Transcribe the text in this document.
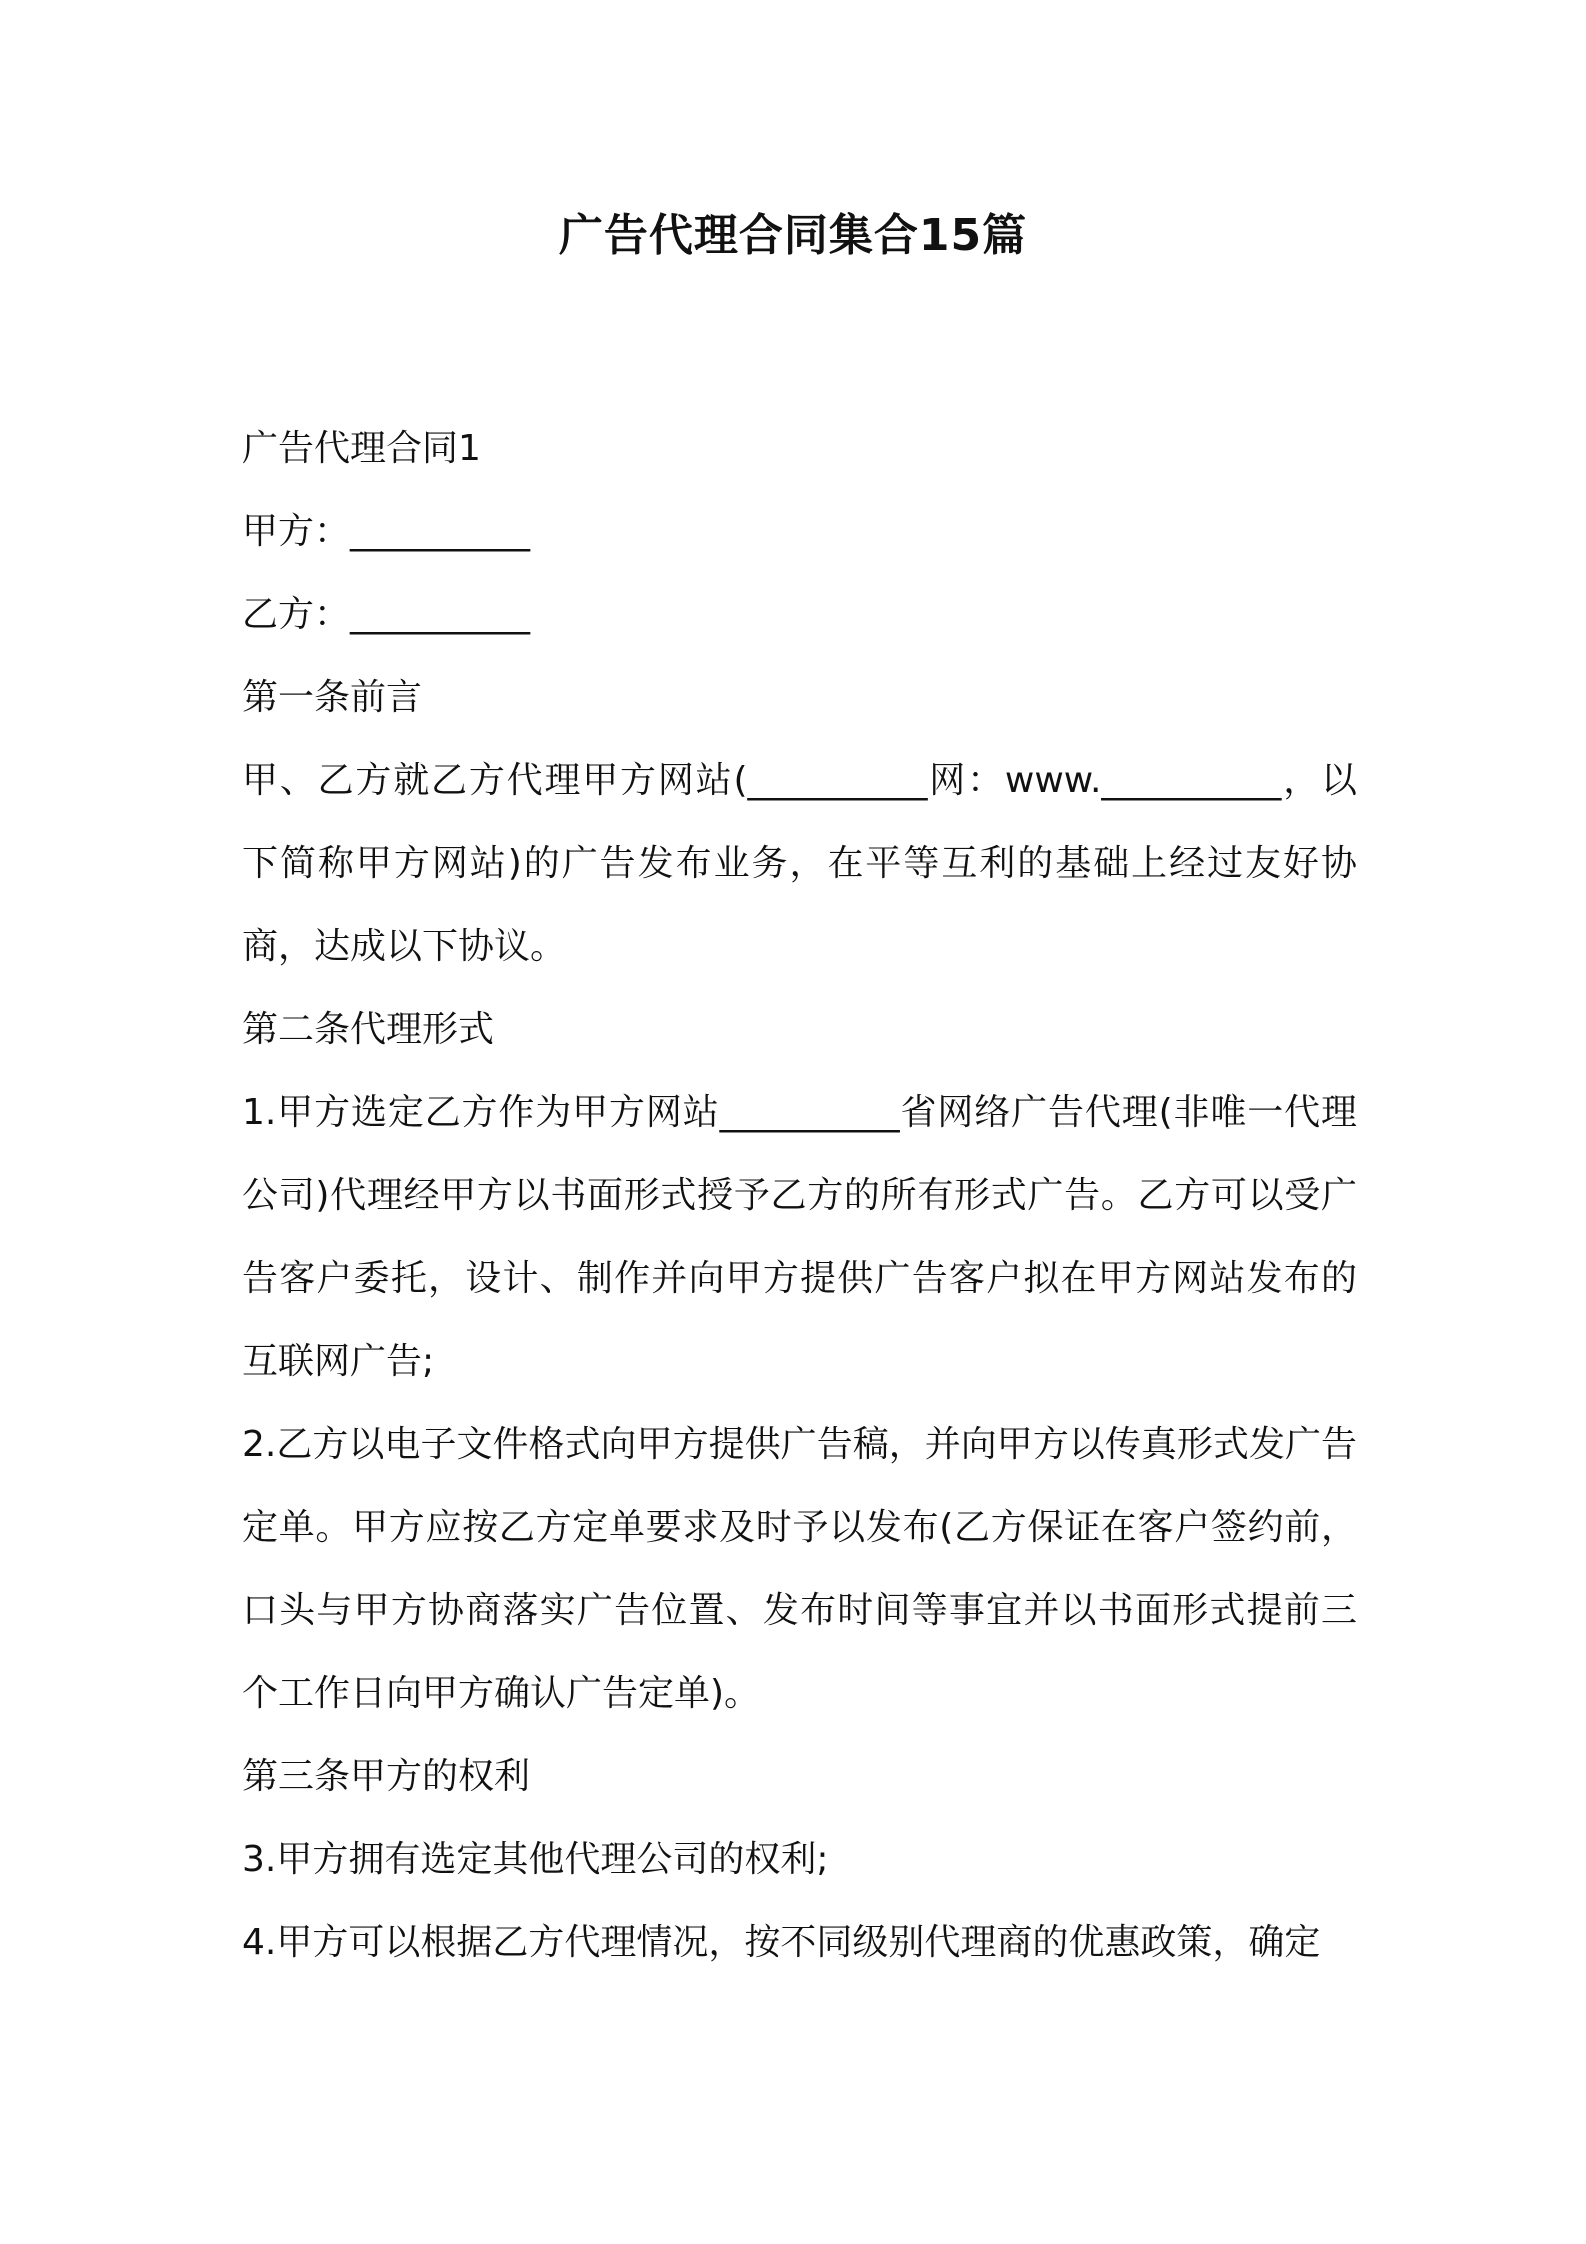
广告代理合同集合15篇

广告代理合同1

甲方：__________

乙方：__________

第一条前言

甲、乙方就乙方代理甲方网站(__________网：www.__________，以下简称甲方网站)的广告发布业务，在平等互利的基础上经过友好协商，达成以下协议。

第二条代理形式

1.甲方选定乙方作为甲方网站__________省网络广告代理(非唯一代理公司)代理经甲方以书面形式授予乙方的所有形式广告。乙方可以受广告客户委托，设计、制作并向甲方提供广告客户拟在甲方网站发布的互联网广告;

2.乙方以电子文件格式向甲方提供广告稿，并向甲方以传真形式发广告定单。甲方应按乙方定单要求及时予以发布(乙方保证在客户签约前，口头与甲方协商落实广告位置、发布时间等事宜并以书面形式提前三个工作日向甲方确认广告定单)。

第三条甲方的权利

3.甲方拥有选定其他代理公司的权利;

4.甲方可以根据乙方代理情况，按不同级别代理商的优惠政策，确定
